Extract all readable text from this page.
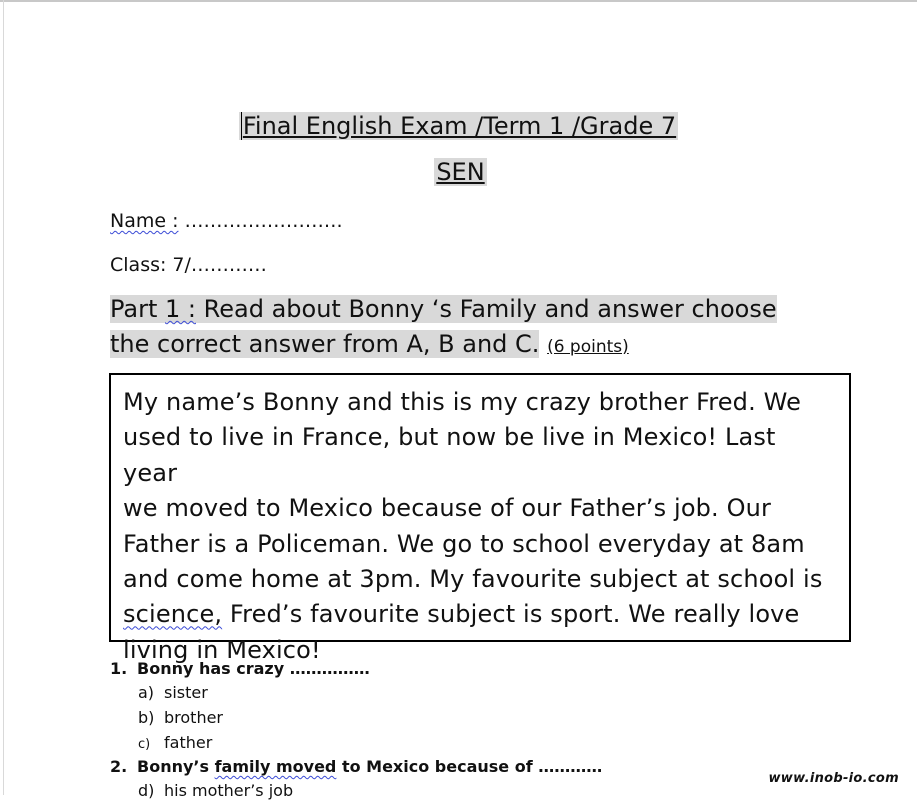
Final English Exam /Term 1 /Grade 7
SEN
Name : …………………….
Class: 7/…………
Part 1 : Read about Bonny ‘s Family and answer choose
the correct answer from A, B and C. (6 points)
My name’s Bonny and this is my crazy brother Fred. We
used to live in France, but now be live in Mexico! Last year
we moved to Mexico because of our Father’s job. Our
Father is a Policeman. We go to school everyday at 8am
and come home at 3pm. My favourite subject at school is
science, Fred’s favourite subject is sport. We really love
living in Mexico!
1. Bonny has crazy ……………
a) sister
b) brother
c) father
2. Bonny’s family moved to Mexico because of …………
d) his mother’s job
www.inob-io.com
